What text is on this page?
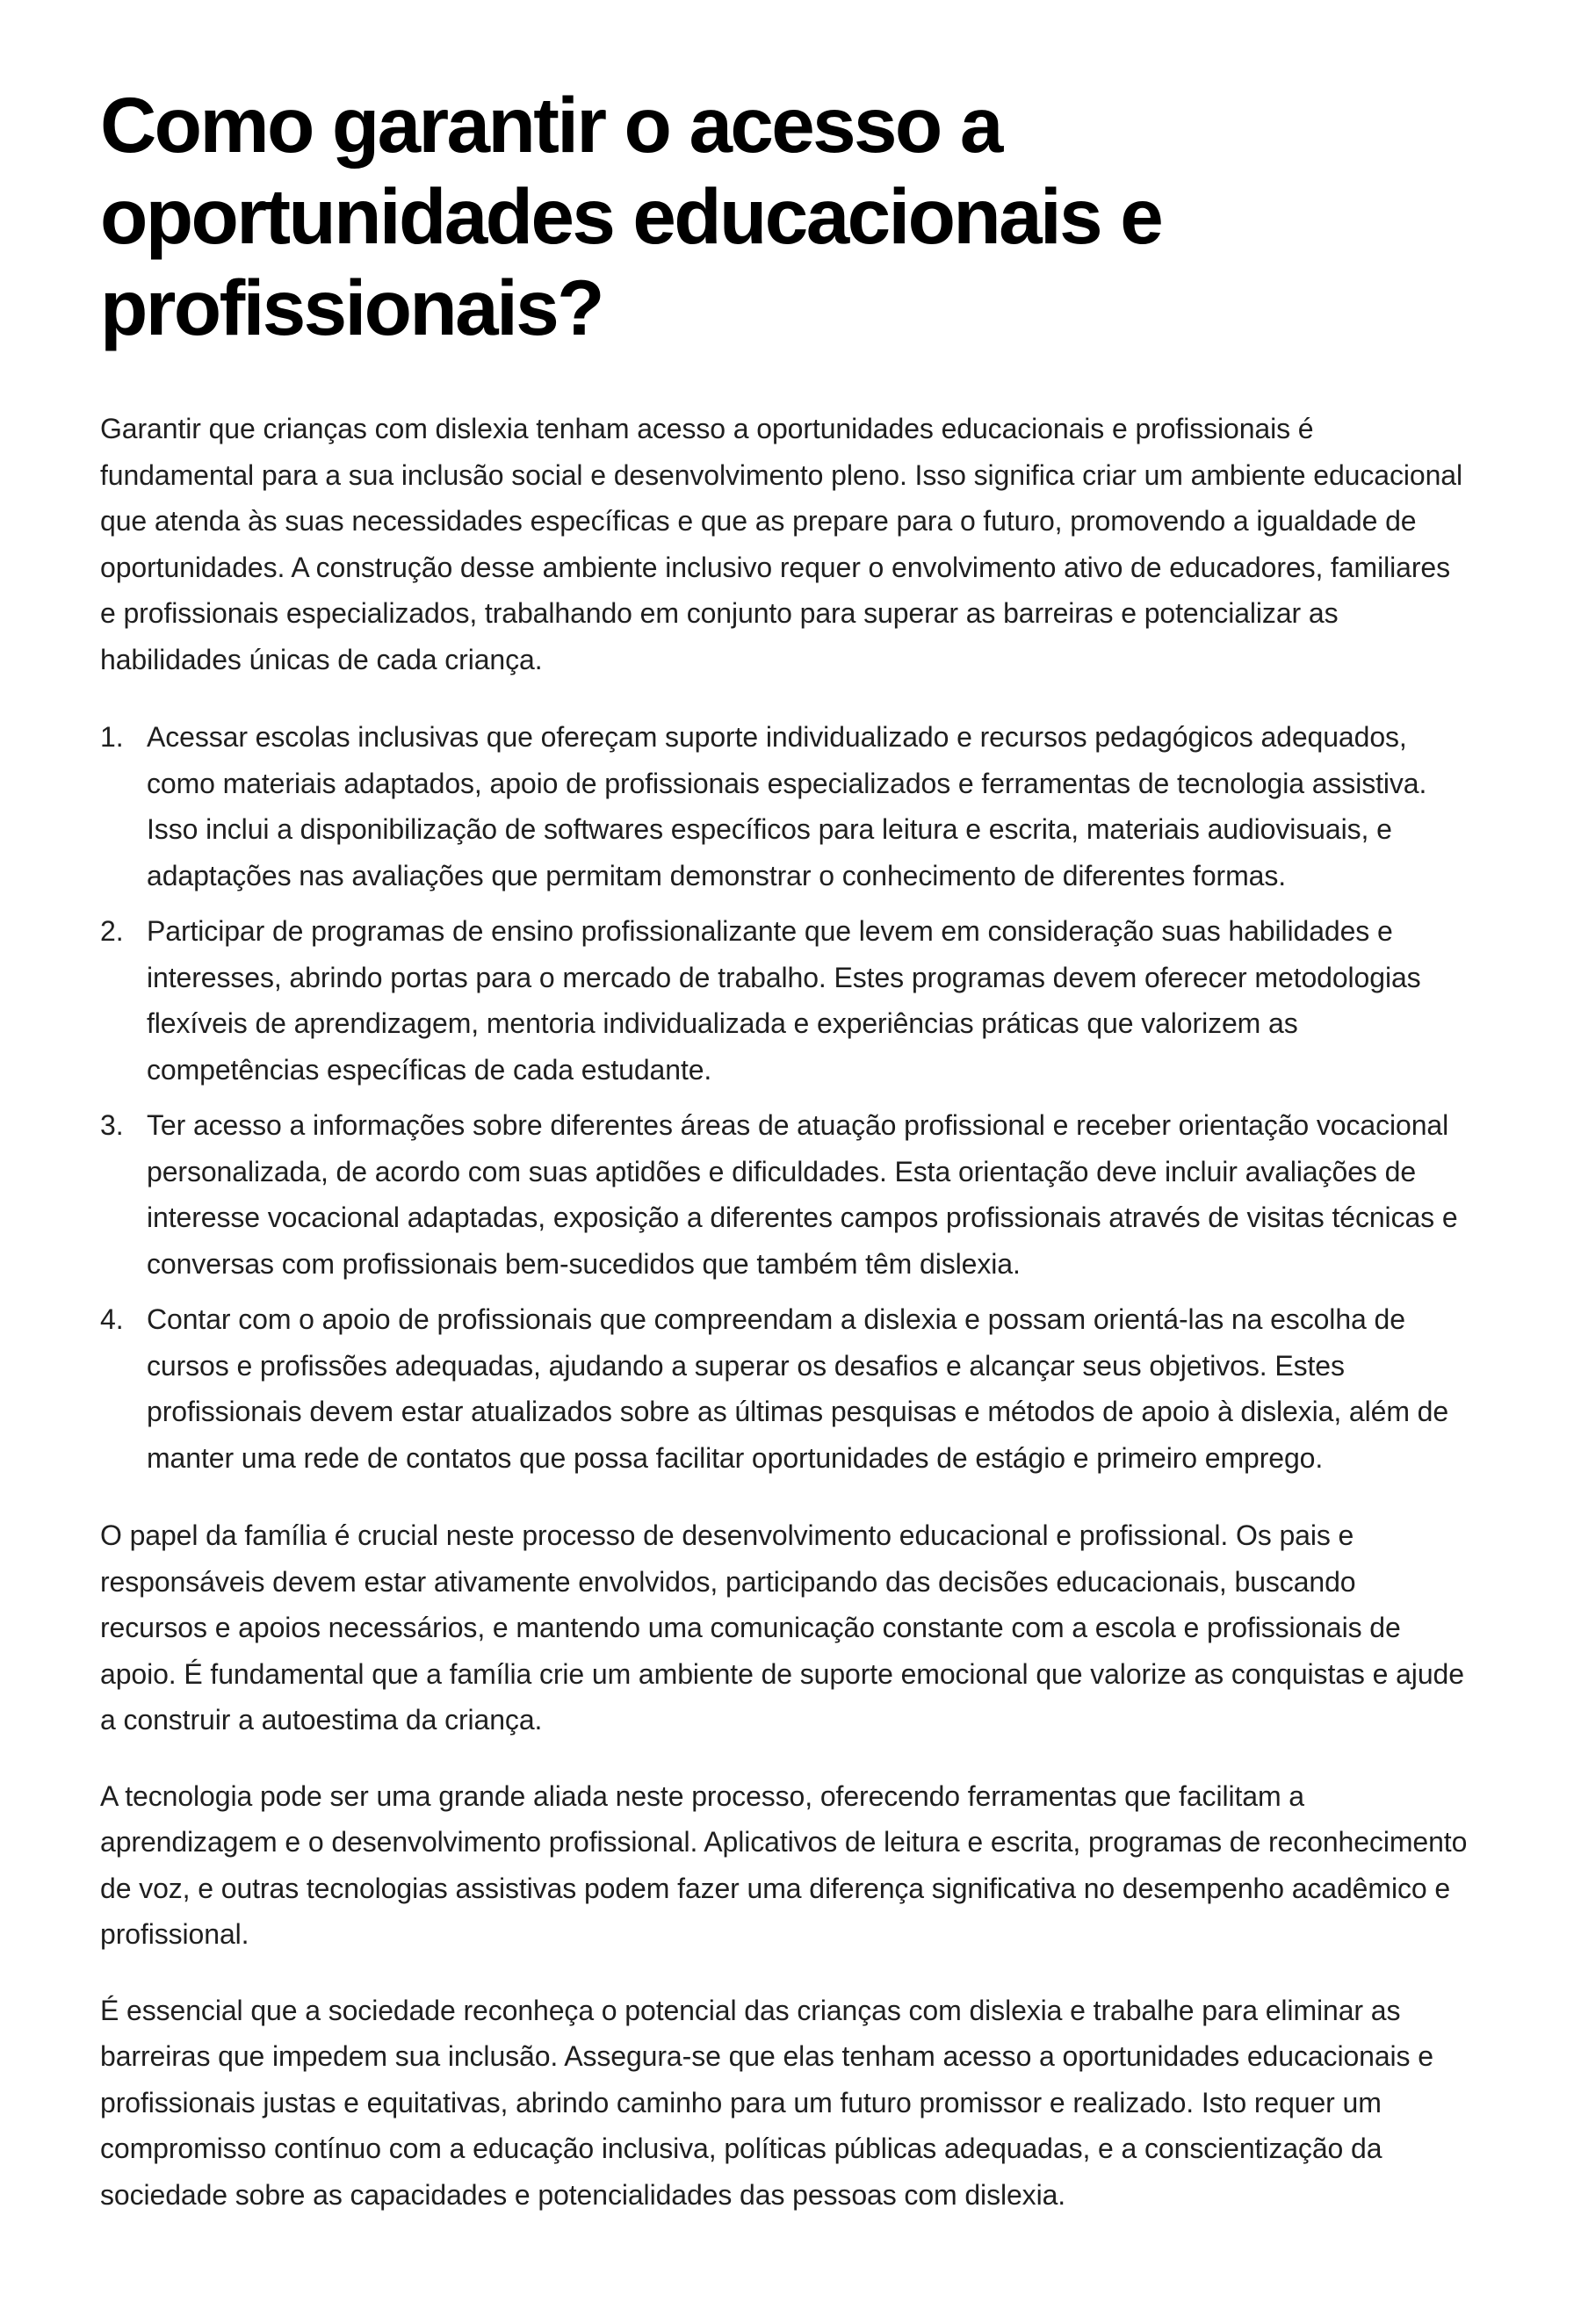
Como garantir o acesso a oportunidades educacionais e profissionais?

Garantir que crianças com dislexia tenham acesso a oportunidades educacionais e profissionais é fundamental para a sua inclusão social e desenvolvimento pleno. Isso significa criar um ambiente educacional que atenda às suas necessidades específicas e que as prepare para o futuro, promovendo a igualdade de oportunidades. A construção desse ambiente inclusivo requer o envolvimento ativo de educadores, familiares e profissionais especializados, trabalhando em conjunto para superar as barreiras e potencializar as habilidades únicas de cada criança.

1. Acessar escolas inclusivas que ofereçam suporte individualizado e recursos pedagógicos adequados, como materiais adaptados, apoio de profissionais especializados e ferramentas de tecnologia assistiva. Isso inclui a disponibilização de softwares específicos para leitura e escrita, materiais audiovisuais, e adaptações nas avaliações que permitam demonstrar o conhecimento de diferentes formas.
2. Participar de programas de ensino profissionalizante que levem em consideração suas habilidades e interesses, abrindo portas para o mercado de trabalho. Estes programas devem oferecer metodologias flexíveis de aprendizagem, mentoria individualizada e experiências práticas que valorizem as competências específicas de cada estudante.
3. Ter acesso a informações sobre diferentes áreas de atuação profissional e receber orientação vocacional personalizada, de acordo com suas aptidões e dificuldades. Esta orientação deve incluir avaliações de interesse vocacional adaptadas, exposição a diferentes campos profissionais através de visitas técnicas e conversas com profissionais bem-sucedidos que também têm dislexia.
4. Contar com o apoio de profissionais que compreendam a dislexia e possam orientá-las na escolha de cursos e profissões adequadas, ajudando a superar os desafios e alcançar seus objetivos. Estes profissionais devem estar atualizados sobre as últimas pesquisas e métodos de apoio à dislexia, além de manter uma rede de contatos que possa facilitar oportunidades de estágio e primeiro emprego.

O papel da família é crucial neste processo de desenvolvimento educacional e profissional. Os pais e responsáveis devem estar ativamente envolvidos, participando das decisões educacionais, buscando recursos e apoios necessários, e mantendo uma comunicação constante com a escola e profissionais de apoio. É fundamental que a família crie um ambiente de suporte emocional que valorize as conquistas e ajude a construir a autoestima da criança.

A tecnologia pode ser uma grande aliada neste processo, oferecendo ferramentas que facilitam a aprendizagem e o desenvolvimento profissional. Aplicativos de leitura e escrita, programas de reconhecimento de voz, e outras tecnologias assistivas podem fazer uma diferença significativa no desempenho acadêmico e profissional.

É essencial que a sociedade reconheça o potencial das crianças com dislexia e trabalhe para eliminar as barreiras que impedem sua inclusão. Assegura-se que elas tenham acesso a oportunidades educacionais e profissionais justas e equitativas, abrindo caminho para um futuro promissor e realizado. Isto requer um compromisso contínuo com a educação inclusiva, políticas públicas adequadas, e a conscientização da sociedade sobre as capacidades e potencialidades das pessoas com dislexia.
